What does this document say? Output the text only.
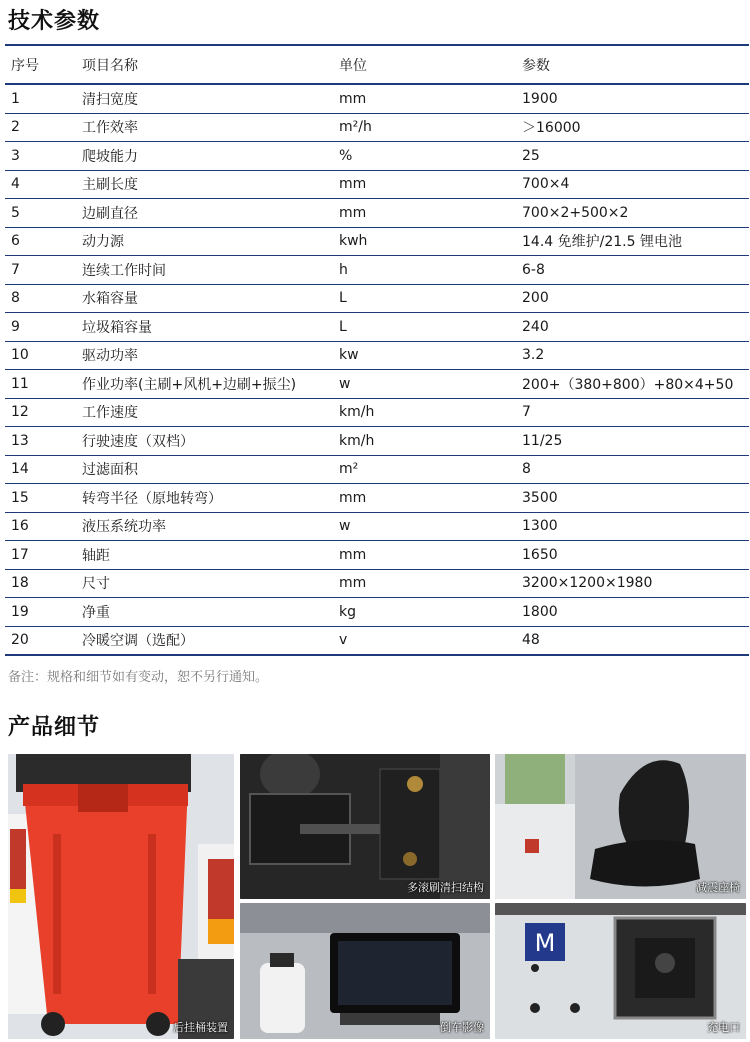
技术参数
序号	项目名称	单位	参数
1	清扫宽度	mm	1900
2	工作效率	m²/h	＞16000
3	爬坡能力	%	25
4	主刷长度	mm	700×4
5	边刷直径	mm	700×2+500×2
6	动力源	kwh	14.4 免维护/21.5 锂电池
7	连续工作时间	h	6-8
8	水箱容量	L	200
9	垃圾箱容量	L	240
10	驱动功率	kw	3.2
11	作业功率(主刷+风机+边刷+振尘)	w	200+（380+800）+80×4+50
12	工作速度	km/h	7
13	行驶速度（双档）	km/h	11/25
14	过滤面积	m²	8
15	转弯半径（原地转弯）	mm	3500
16	液压系统功率	w	1300
17	轴距	mm	1650
18	尺寸	mm	3200×1200×1980
19	净重	kg	1800
20	冷暖空调（选配）	v	48
备注：规格和细节如有变动，恕不另行通知。
产品细节
后挂桶装置
多滚刷清扫结构	减震座椅
倒车影像
M
充电口
